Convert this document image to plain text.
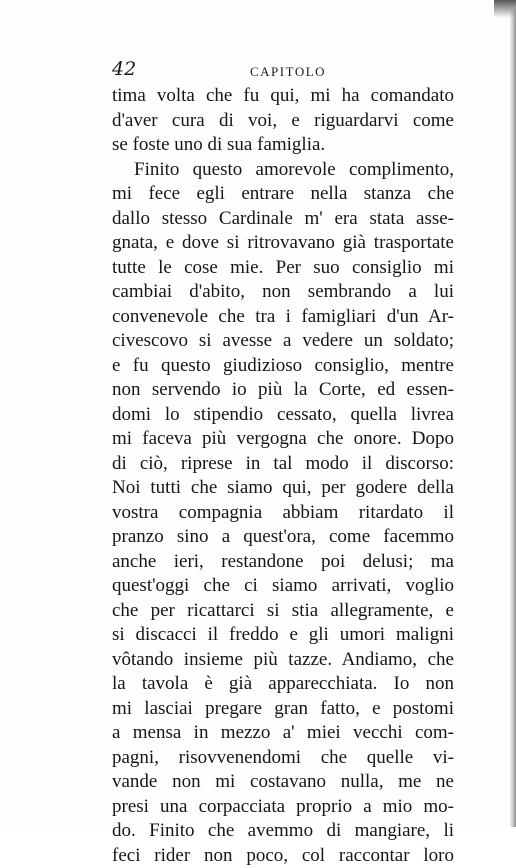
42	CAPITOLO
tima volta che fu qui, mi ha comandato
d'aver cura di voi, e riguardarvi come
se foste uno di sua famiglia.
Finito questo amorevole complimento,
mi fece egli entrare nella stanza che
dallo stesso Cardinale m' era stata asse-
gnata, e dove si ritrovavano già trasportate
tutte le cose mie. Per suo consiglio mi
cambiai d'abito, non sembrando a lui
convenevole che tra i famigliari d'un Ar-
civescovo si avesse a vedere un soldato;
e fu questo giudizioso consiglio, mentre
non servendo io più la Corte, ed essen-
domi lo stipendio cessato, quella livrea
mi faceva più vergogna che onore. Dopo
di ciò, riprese in tal modo il discorso:
Noi tutti che siamo qui, per godere della
vostra compagnia abbiam ritardato il
pranzo sino a quest'ora, come facemmo
anche ieri, restandone poi delusi; ma
quest'oggi che ci siamo arrivati, voglio
che per ricattarci si stia allegramente, e
si discacci il freddo e gli umori maligni
vôtando insieme più tazze. Andiamo, che
la tavola è già apparecchiata. Io non
mi lasciai pregare gran fatto, e postomi
a mensa in mezzo a' miei vecchi com-
pagni, risovvenendomi che quelle vi-
vande non mi costavano nulla, me ne
presi una corpacciata proprio a mio mo-
do. Finito che avemmo di mangiare, li
feci rider non poco, col raccontar loro
